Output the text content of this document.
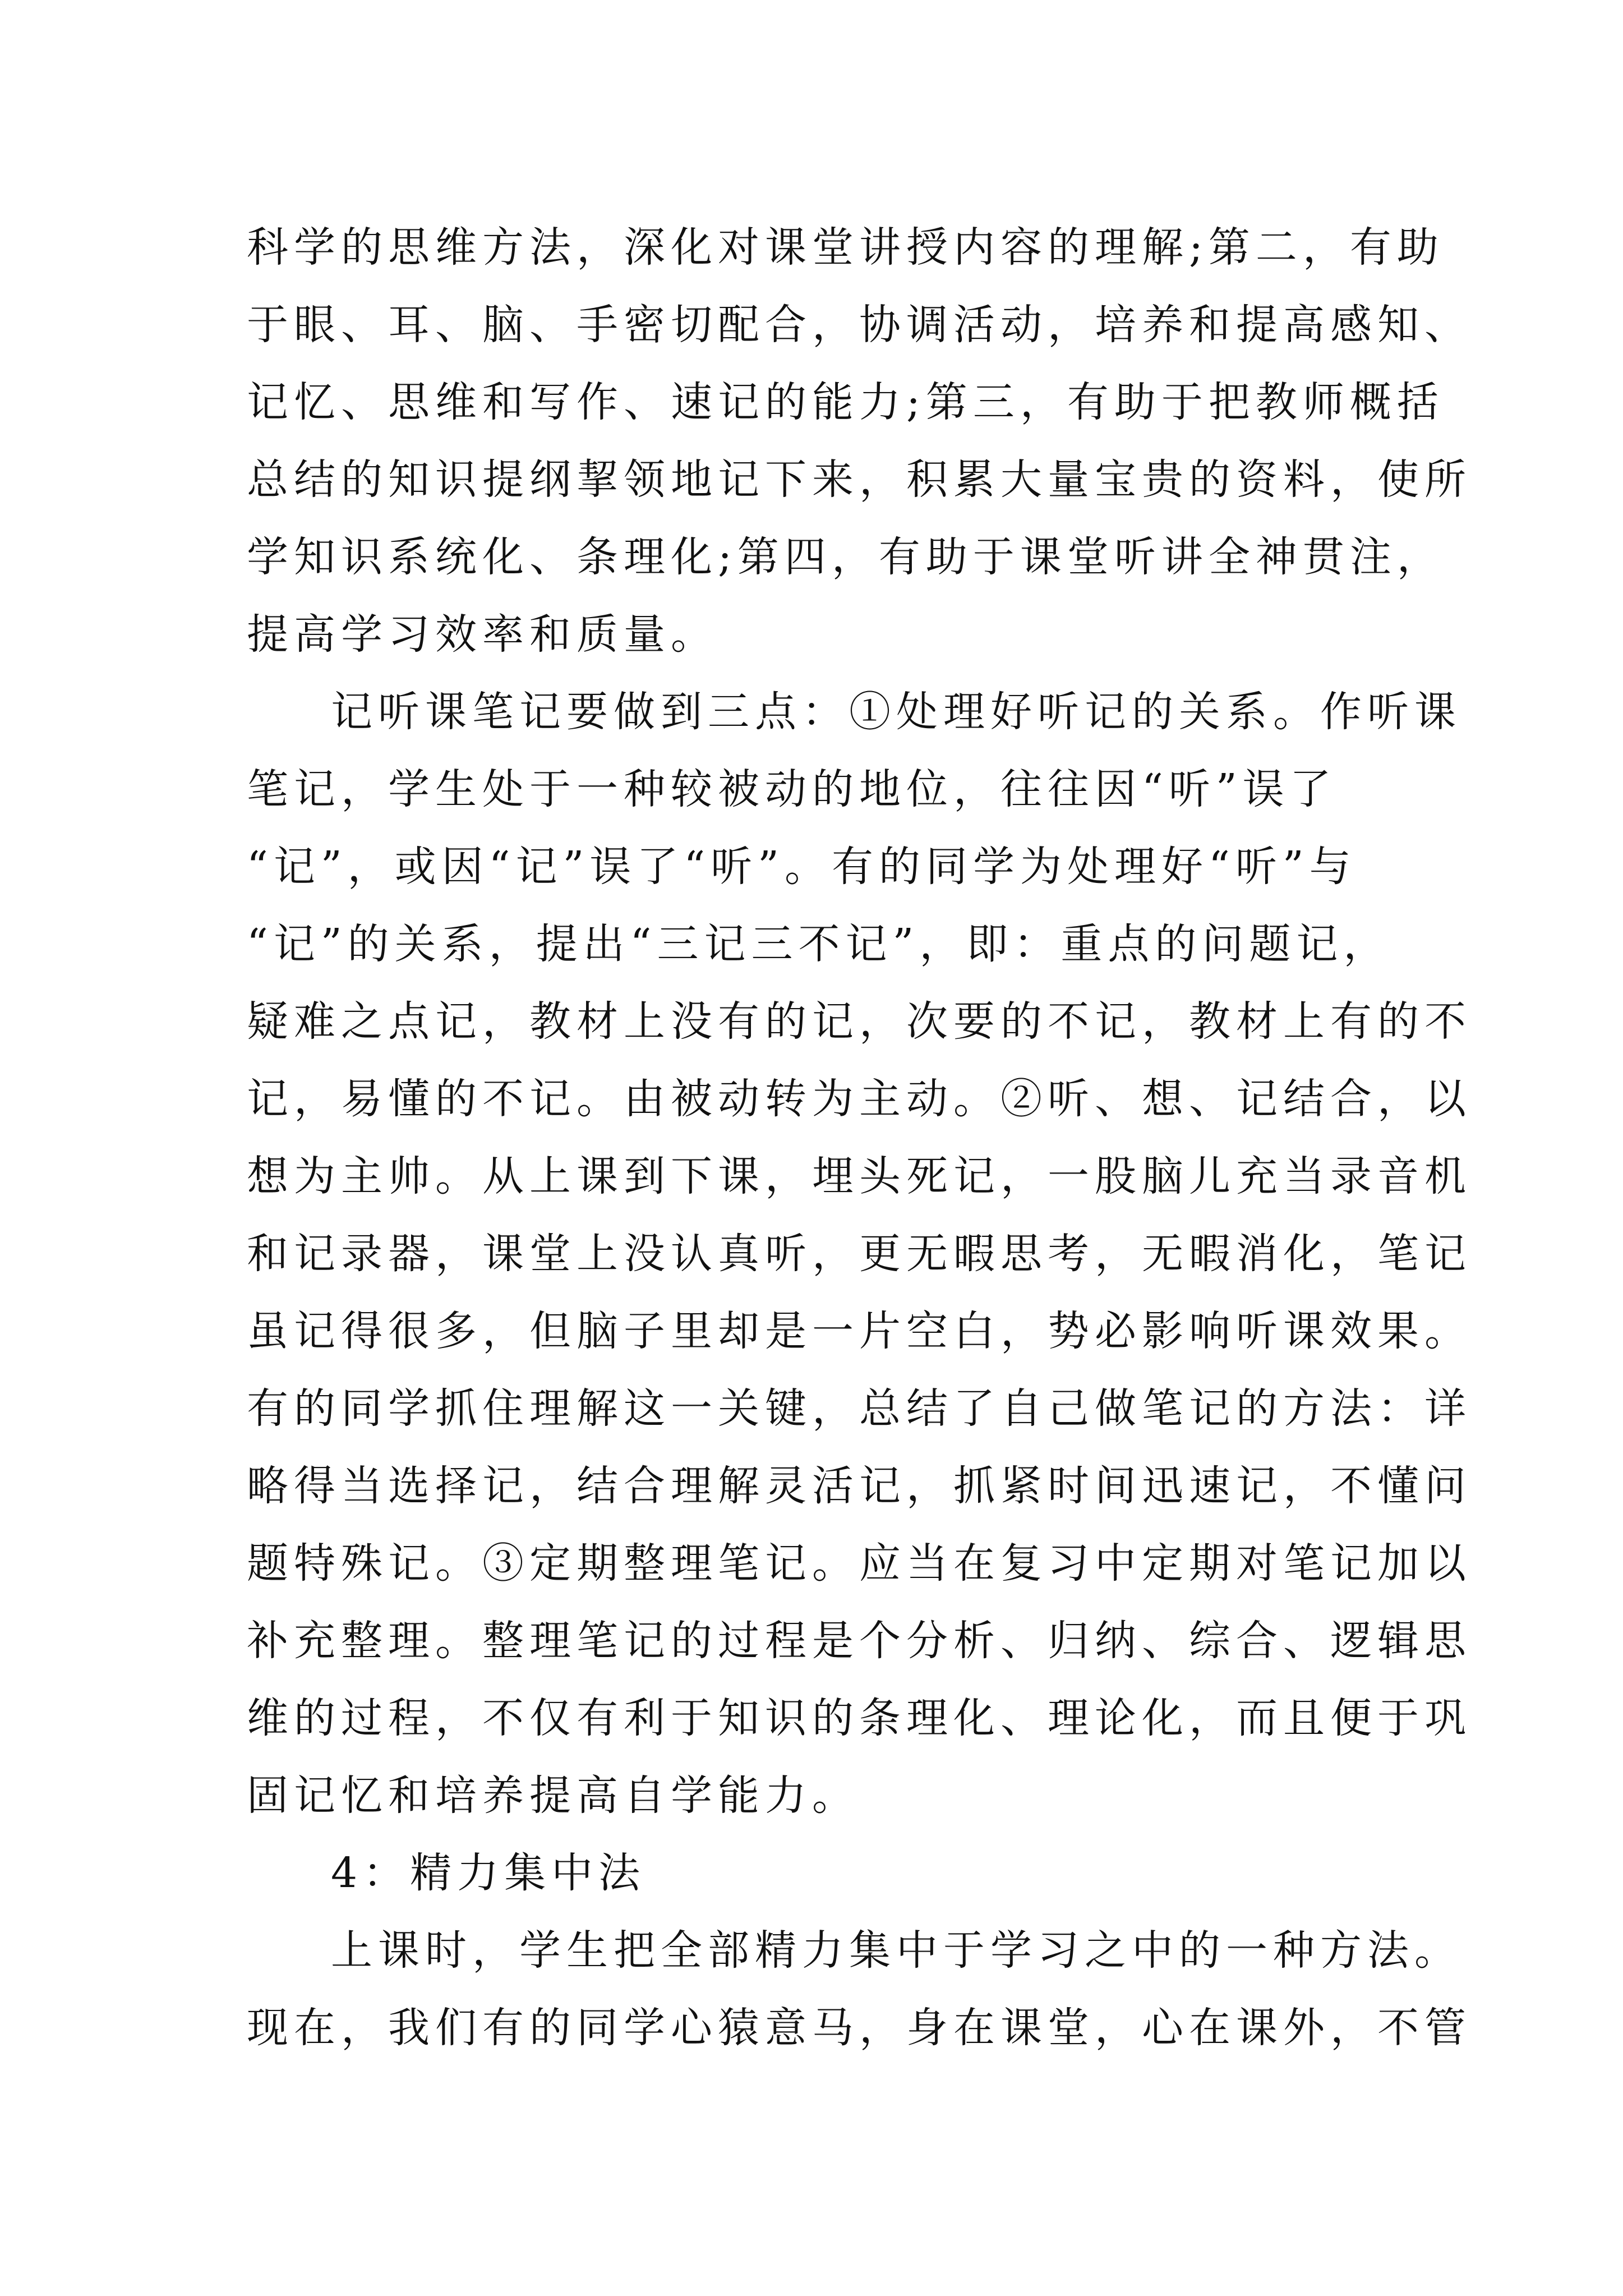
科学的思维方法，深化对课堂讲授内容的理解;第二，有助
于眼、耳、脑、手密切配合，协调活动，培养和提高感知、
记忆、思维和写作、速记的能力;第三，有助于把教师概括
总结的知识提纲挈领地记下来，积累大量宝贵的资料，使所
学知识系统化、条理化;第四，有助于课堂听讲全神贯注，
提高学习效率和质量。
记听课笔记要做到三点：①处理好听记的关系。作听课
笔记，学生处于一种较被动的地位，往往因“听”误了
“记”，或因“记”误了“听”。有的同学为处理好“听”与
“记”的关系，提出“三记三不记”，即：重点的问题记，
疑难之点记，教材上没有的记，次要的不记，教材上有的不
记，易懂的不记。由被动转为主动。②听、想、记结合，以
想为主帅。从上课到下课，埋头死记，一股脑儿充当录音机
和记录器，课堂上没认真听，更无暇思考，无暇消化，笔记
虽记得很多，但脑子里却是一片空白，势必影响听课效果。
有的同学抓住理解这一关键，总结了自己做笔记的方法：详
略得当选择记，结合理解灵活记，抓紧时间迅速记，不懂问
题特殊记。③定期整理笔记。应当在复习中定期对笔记加以
补充整理。整理笔记的过程是个分析、归纳、综合、逻辑思
维的过程，不仅有利于知识的条理化、理论化，而且便于巩
固记忆和培养提高自学能力。
4：精力集中法
上课时，学生把全部精力集中于学习之中的一种方法。
现在，我们有的同学心猿意马，身在课堂，心在课外，不管
